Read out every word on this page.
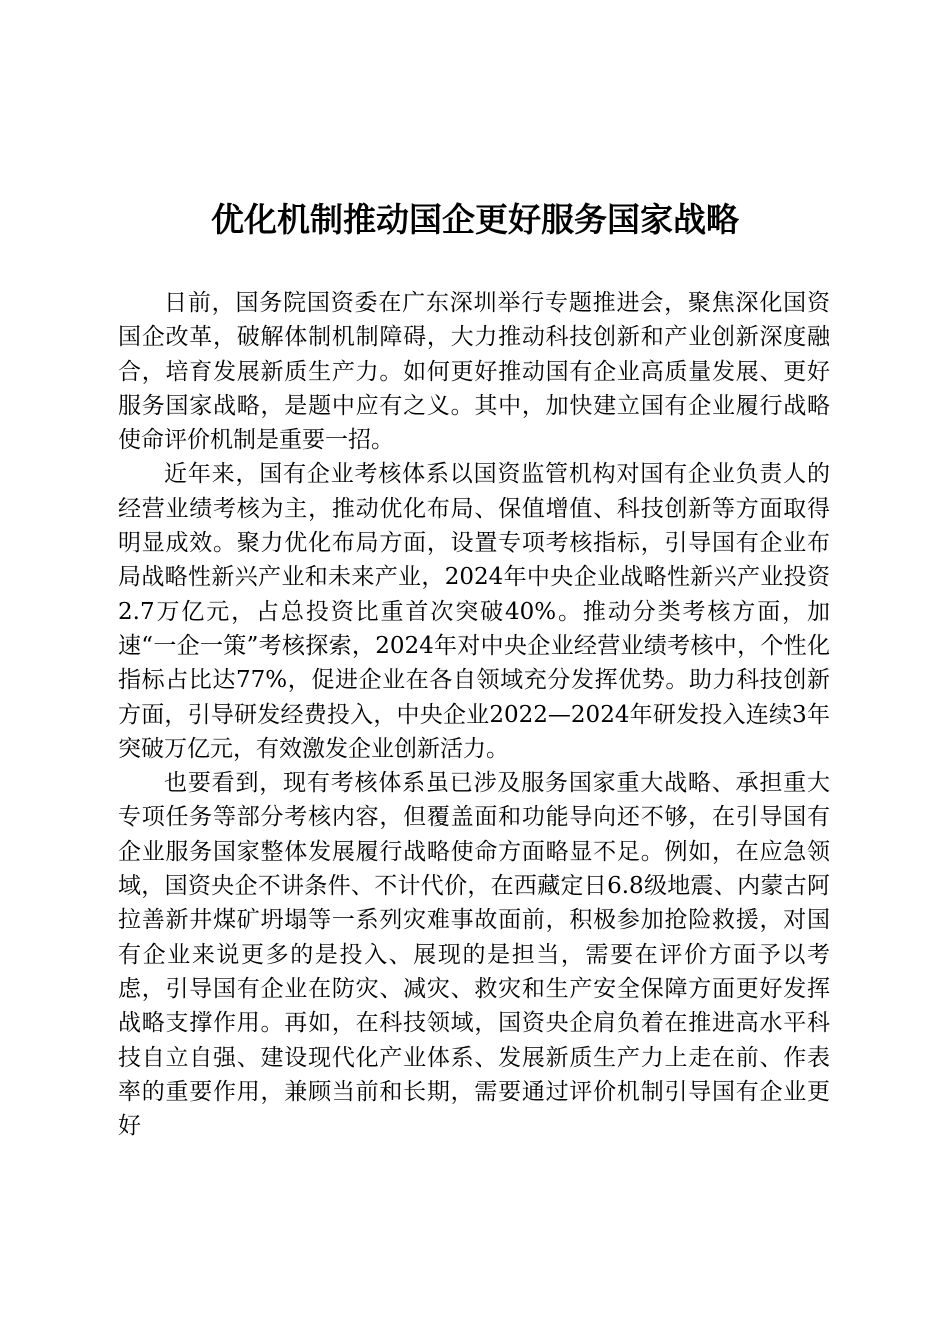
优化机制推动国企更好服务国家战略

日前，国务院国资委在广东深圳举行专题推进会，聚焦深化国资国企改革，破解体制机制障碍，大力推动科技创新和产业创新深度融合，培育发展新质生产力。如何更好推动国有企业高质量发展、更好服务国家战略，是题中应有之义。其中，加快建立国有企业履行战略使命评价机制是重要一招。

近年来，国有企业考核体系以国资监管机构对国有企业负责人的经营业绩考核为主，推动优化布局、保值增值、科技创新等方面取得明显成效。聚力优化布局方面，设置专项考核指标，引导国有企业布局战略性新兴产业和未来产业，2024年中央企业战略性新兴产业投资2.7万亿元，占总投资比重首次突破40%。推动分类考核方面，加速“一企一策”考核探索，2024年对中央企业经营业绩考核中，个性化指标占比达77%，促进企业在各自领域充分发挥优势。助力科技创新方面，引导研发经费投入，中央企业2022—2024年研发投入连续3年突破万亿元，有效激发企业创新活力。

也要看到，现有考核体系虽已涉及服务国家重大战略、承担重大专项任务等部分考核内容，但覆盖面和功能导向还不够，在引导国有企业服务国家整体发展履行战略使命方面略显不足。例如，在应急领域，国资央企不讲条件、不计代价，在西藏定日6.8级地震、内蒙古阿拉善新井煤矿坍塌等一系列灾难事故面前，积极参加抢险救援，对国有企业来说更多的是投入、展现的是担当，需要在评价方面予以考虑，引导国有企业在防灾、减灾、救灾和生产安全保障方面更好发挥战略支撑作用。再如，在科技领域，国资央企肩负着在推进高水平科技自立自强、建设现代化产业体系、发展新质生产力上走在前、作表率的重要作用，兼顾当前和长期，需要通过评价机制引导国有企业更好
